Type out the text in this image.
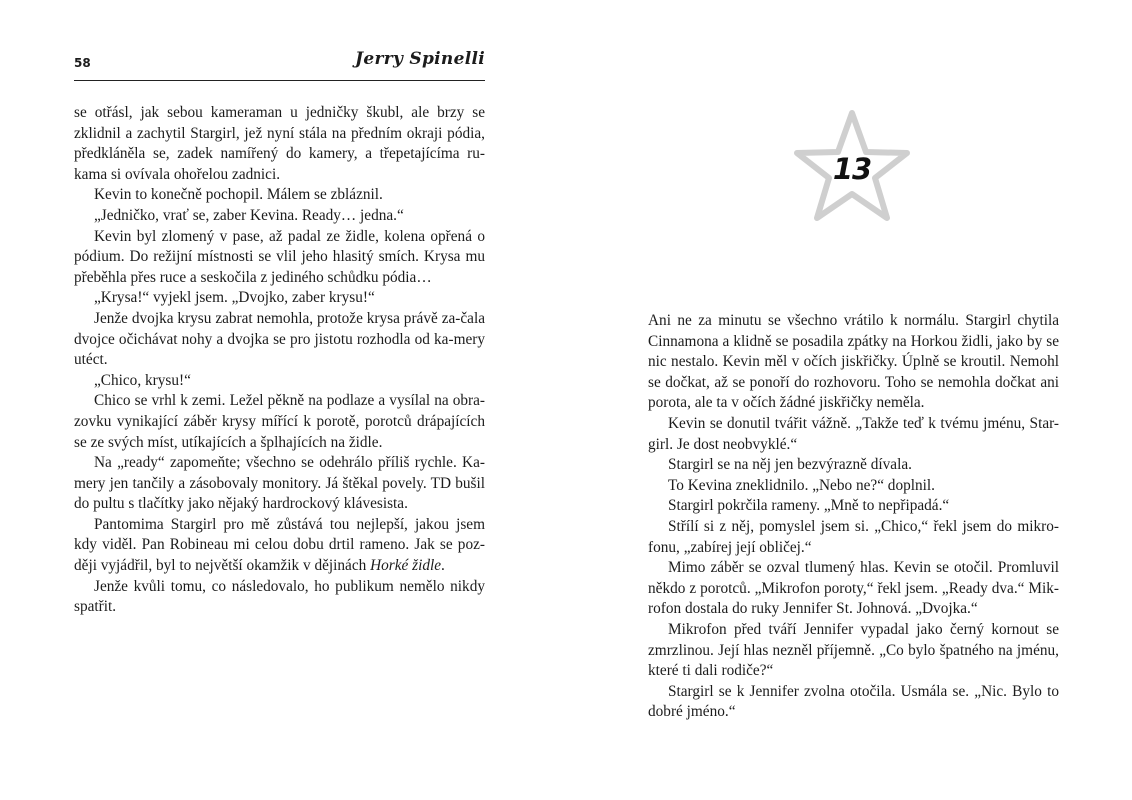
58	Jerry Spinelli

se otřásl, jak sebou kameraman u jedničky škubl, ale brzy se zklidnil a zachytil Stargirl, jež nyní stála na předním okraji pódia, předkláněla se, zadek namířený do kamery, a třepetajícíma ru-kama si ovívala ohořelou zadnici.

Kevin to konečně pochopil. Málem se zbláznil.

„Jedničko, vrať se, zaber Kevina. Ready… jedna.“

Kevin byl zlomený v pase, až padal ze židle, kolena opřená o pódium. Do režijní místnosti se vlil jeho hlasitý smích. Krysa mu přeběhla přes ruce a seskočila z jediného schůdku pódia…

„Krysa!“ vyjekl jsem. „Dvojko, zaber krysu!“

Jenže dvojka krysu zabrat nemohla, protože krysa právě za-čala dvojce očichávat nohy a dvojka se pro jistotu rozhodla od ka-mery utéct.

„Chico, krysu!“

Chico se vrhl k zemi. Ležel pěkně na podlaze a vysílal na obra-zovku vynikající záběr krysy mířící k porotě, porotců drápajících se ze svých míst, utíkajících a šplhajících na židle.

Na „ready“ zapomeňte; všechno se odehrálo příliš rychle. Ka-mery jen tančily a zásobovaly monitory. Já štěkal povely. TD bušil do pultu s tlačítky jako nějaký hardrockový klávesista.

Pantomima Stargirl pro mě zůstává tou nejlepší, jakou jsem kdy viděl. Pan Robineau mi celou dobu drtil rameno. Jak se poz-ději vyjádřil, byl to největší okamžik v dějinách Horké židle.

Jenže kvůli tomu, co následovalo, ho publikum nemělo nikdy spatřit.

13

Ani ne za minutu se všechno vrátilo k normálu. Stargirl chytila Cinnamona a klidně se posadila zpátky na Horkou židli, jako by se nic nestalo. Kevin měl v očích jiskřičky. Úplně se kroutil. Nemohl se dočkat, až se ponoří do rozhovoru. Toho se nemohla dočkat ani porota, ale ta v očích žádné jiskřičky neměla.

Kevin se donutil tvářit vážně. „Takže teď k tvému jménu, Star-girl. Je dost neobvyklé.“

Stargirl se na něj jen bezvýrazně dívala.

To Kevina zneklidnilo. „Nebo ne?“ doplnil.

Stargirl pokrčila rameny. „Mně to nepřipadá.“

Střílí si z něj, pomyslel jsem si. „Chico,“ řekl jsem do mikro-fonu, „zabírej její obličej.“

Mimo záběr se ozval tlumený hlas. Kevin se otočil. Promluvil někdo z porotců. „Mikrofon poroty,“ řekl jsem. „Ready dva.“ Mik-rofon dostala do ruky Jennifer St. Johnová. „Dvojka.“

Mikrofon před tváří Jennifer vypadal jako černý kornout se zmrzlinou. Její hlas nezněl příjemně. „Co bylo špatného na jménu, které ti dali rodiče?“

Stargirl se k Jennifer zvolna otočila. Usmála se. „Nic. Bylo to dobré jméno.“
